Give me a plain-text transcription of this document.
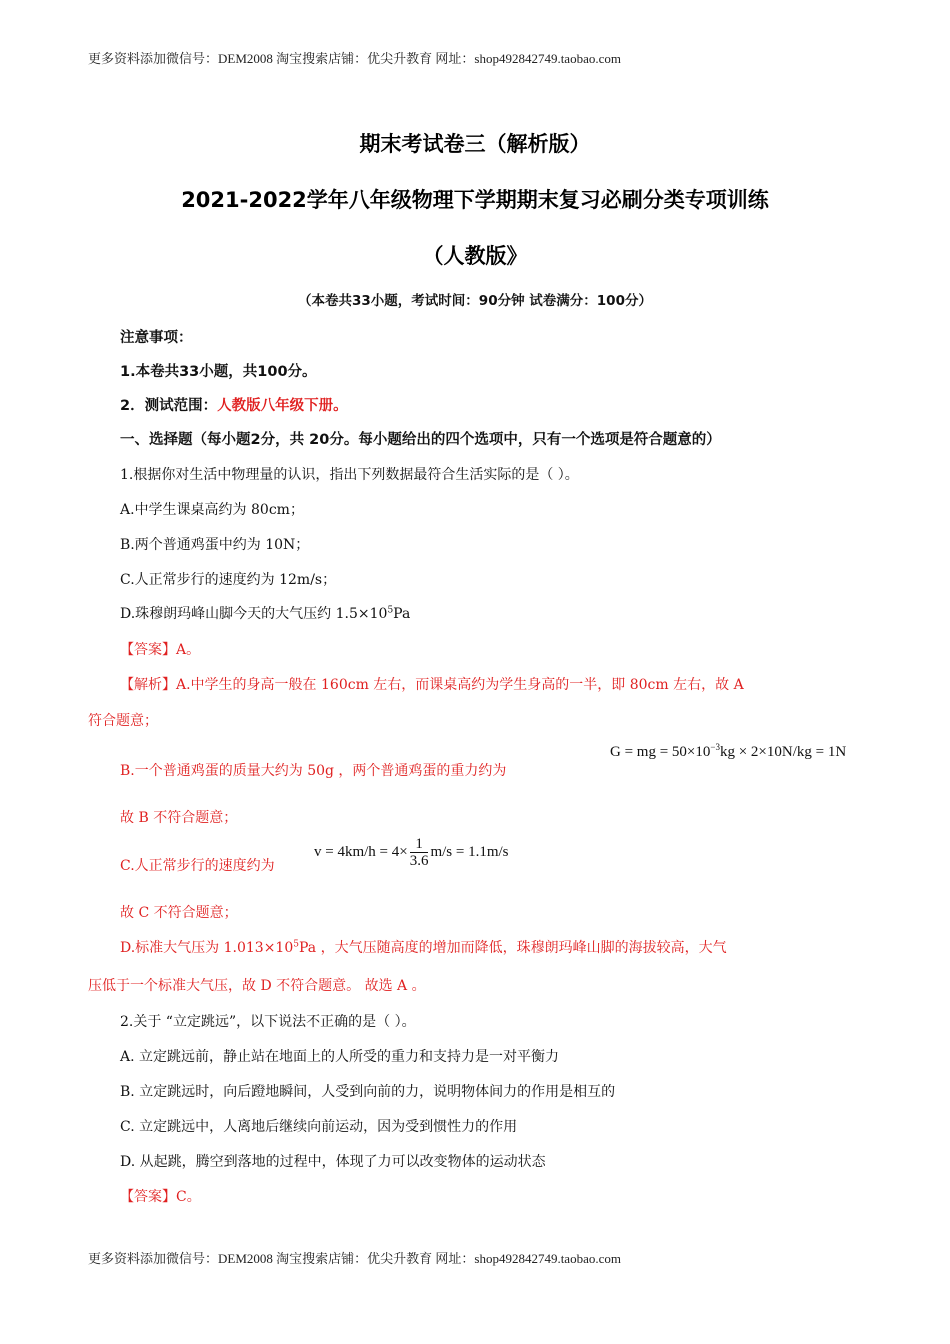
更多资料添加微信号：DEM2008 淘宝搜索店铺：优尖升教育 网址：shop492842749.taobao.com
期末考试卷三（解析版）
2021-2022学年八年级物理下学期期末复习必刷分类专项训练
（人教版》
（本卷共33小题，考试时间：90分钟 试卷满分：100分）
注意事项：
1.本卷共33小题，共100分。
2．测试范围：人教版八年级下册。
一、选择题（每小题2分，共 20分。每小题给出的四个选项中，只有一个选项是符合题意的）
1.根据你对生活中物理量的认识，指出下列数据最符合生活实际的是（ ）。
A.中学生课桌高约为 80cm；
B.两个普通鸡蛋中约为 10N；
C.人正常步行的速度约为 12m/s；
D.珠穆朗玛峰山脚今天的大气压约 $1.5\times 10^5Pa$
【答案】A。
【解析】A.中学生的身高一般在 160cm 左右，而课桌高约为学生身高的一半，即 80cm 左右，故 A
符合题意；
B.一个普通鸡蛋的质量大约为 50g ，两个普通鸡蛋的重力约为
G = mg = $50\times 10^{-3}kg \times 2\times 10N/kg = 1N$
故 B 不符合题意；
C.人正常步行的速度约为
$v = 4km/h = 4\times \frac{1}{3.6} m/s = 1.1m/s$
故 C 不符合题意；
D.标准大气压为 $1.013\times 10^5Pa$ ，大气压随高度的增加而降低，珠穆朗玛峰山脚的海拔较高，大气
压低于一个标准大气压，故 D 不符合题意。 故选 A 。
2.关于 “立定跳远”，以下说法不正确的是（ ）。
A. 立定跳远前，静止站在地面上的人所受的重力和支持力是一对平衡力
B. 立定跳远时，向后蹬地瞬间，人受到向前的力，说明物体间力的作用是相互的
C. 立定跳远中，人离地后继续向前运动，因为受到惯性力的作用
D. 从起跳，腾空到落地的过程中，体现了力可以改变物体的运动状态
【答案】C。
更多资料添加微信号：DEM2008 淘宝搜索店铺：优尖升教育 网址：shop492842749.taobao.com
